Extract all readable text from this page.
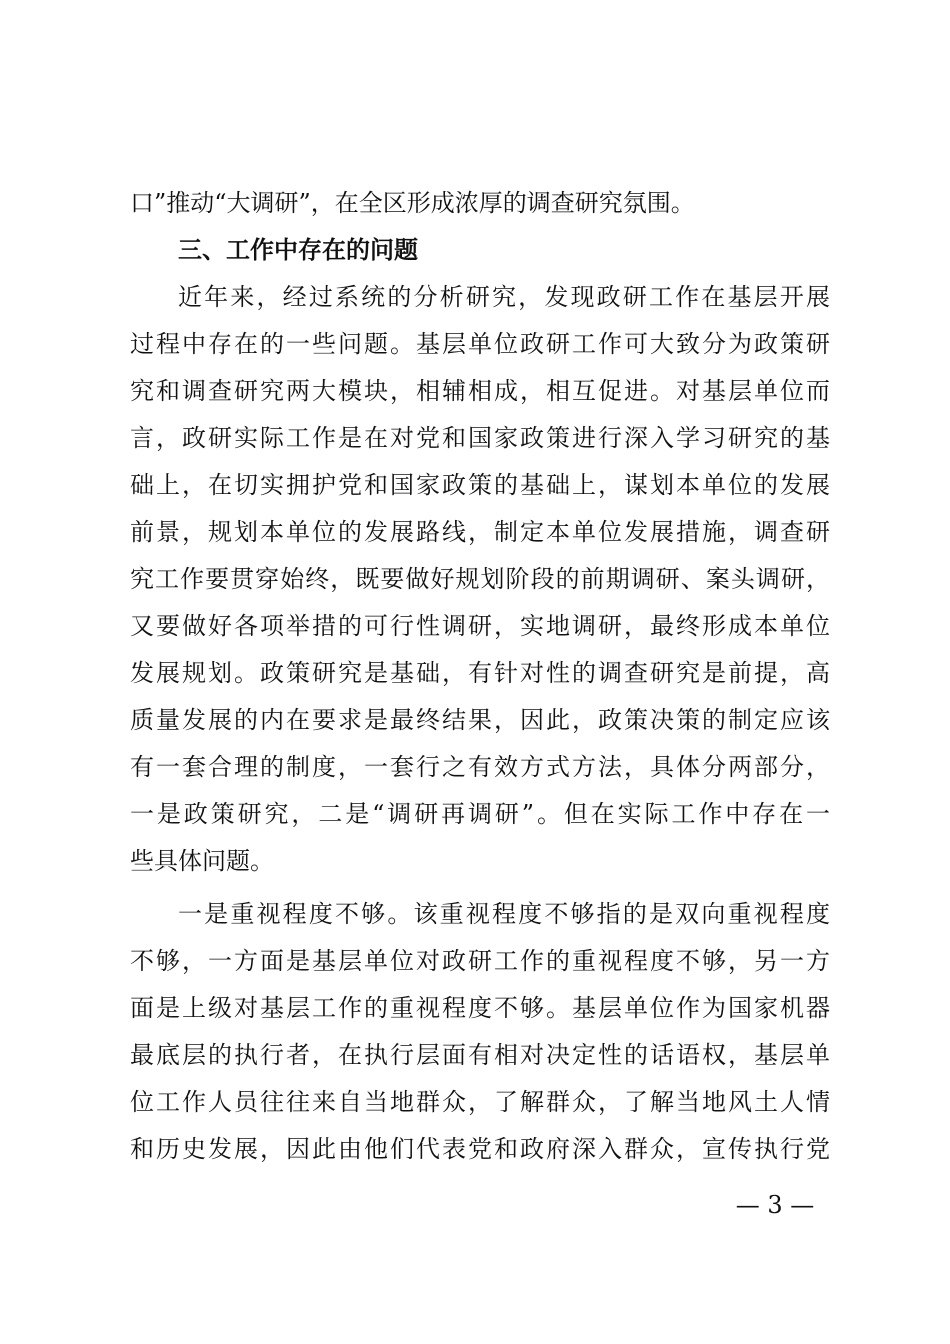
口”推动“大调研”，在全区形成浓厚的调查研究氛围。
三、工作中存在的问题
近年来，经过系统的分析研究，发现政研工作在基层开展
过程中存在的一些问题。基层单位政研工作可大致分为政策研
究和调查研究两大模块，相辅相成，相互促进。对基层单位而
言，政研实际工作是在对党和国家政策进行深入学习研究的基
础上，在切实拥护党和国家政策的基础上，谋划本单位的发展
前景，规划本单位的发展路线，制定本单位发展措施，调查研
究工作要贯穿始终，既要做好规划阶段的前期调研、案头调研，
又要做好各项举措的可行性调研，实地调研，最终形成本单位
发展规划。政策研究是基础，有针对性的调查研究是前提，高
质量发展的内在要求是最终结果，因此，政策决策的制定应该
有一套合理的制度，一套行之有效方式方法，具体分两部分，
一是政策研究，二是“调研再调研”。但在实际工作中存在一
些具体问题。
一是重视程度不够。该重视程度不够指的是双向重视程度
不够，一方面是基层单位对政研工作的重视程度不够，另一方
面是上级对基层工作的重视程度不够。基层单位作为国家机器
最底层的执行者，在执行层面有相对决定性的话语权，基层单
位工作人员往往来自当地群众，了解群众，了解当地风土人情
和历史发展，因此由他们代表党和政府深入群众，宣传执行党
— 3 —
